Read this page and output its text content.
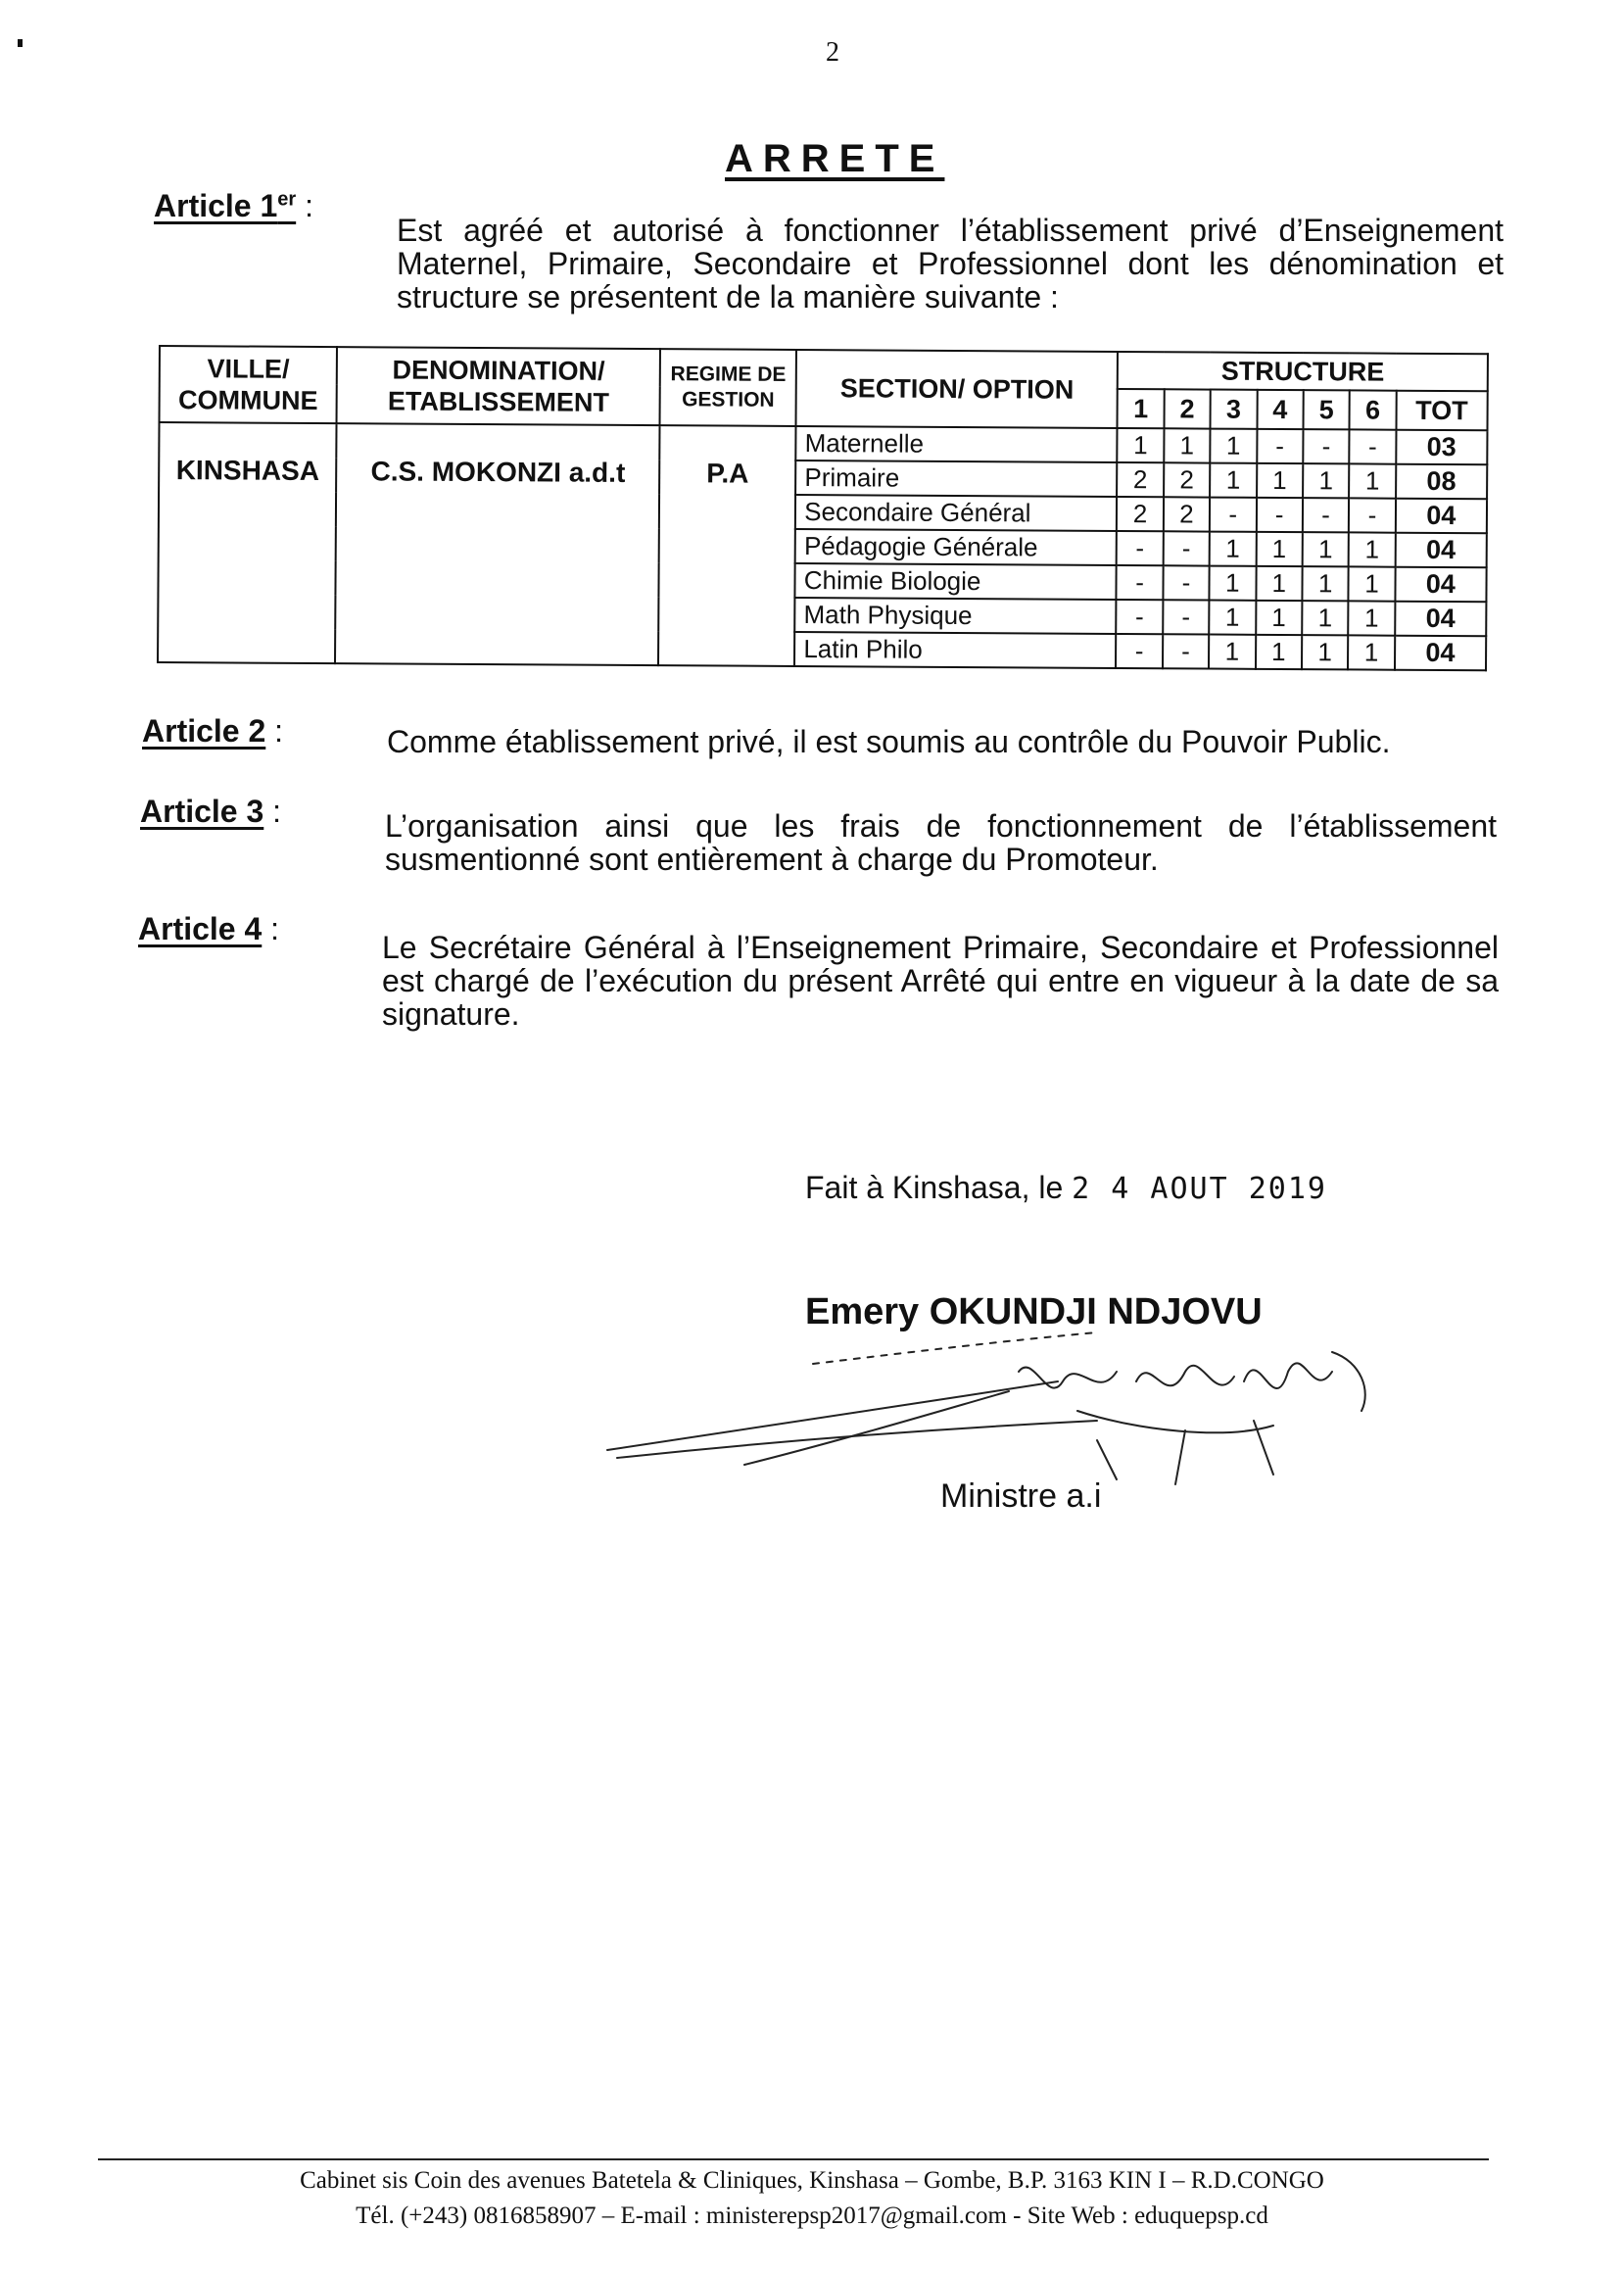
2
ARRETE
Article 1er :
Est agréé et autorisé à fonctionner l’établissement privé d’Enseignement Maternel, Primaire, Secondaire et Professionnel dont les dénomination et structure se présentent de la manière suivante :
VILLE/ COMMUNE	DENOMINATION/ ETABLISSEMENT	REGIME DE GESTION	SECTION/ OPTION	STRUCTURE						
				1	2	3	4	5	6	TOT
KINSHASA	C.S. MOKONZI a.d.t	P.A	Maternelle	1	1	1	-	-	-	03
			Primaire	2	2	1	1	1	1	08
			Secondaire Général	2	2	-	-	-	-	04
			Pédagogie Générale	-	-	1	1	1	1	04
			Chimie Biologie	-	-	1	1	1	1	04
			Math Physique	-	-	1	1	1	1	04
			Latin Philo	-	-	1	1	1	1	04
Article 2 :	Comme établissement privé, il est soumis au contrôle du Pouvoir Public.
Article 3 :	L’organisation ainsi que les frais de fonctionnement de l’établissement susmentionné sont entièrement à charge du Promoteur.
Article 4 :
Le Secrétaire Général à l’Enseignement Primaire, Secondaire et Professionnel est chargé de l’exécution du présent Arrêté qui entre en vigueur à la date de sa signature.
Fait à Kinshasa, le 2 4 AOUT 2019
Emery OKUNDJI NDJOVU
Ministre a.i
Cabinet sis Coin des avenues Batetela & Cliniques, Kinshasa – Gombe, B.P. 3163 KIN I – R.D.CONGO
Tél. (+243) 0816858907 – E-mail : ministerepsp2017@gmail.com - Site Web : eduquepsp.cd
